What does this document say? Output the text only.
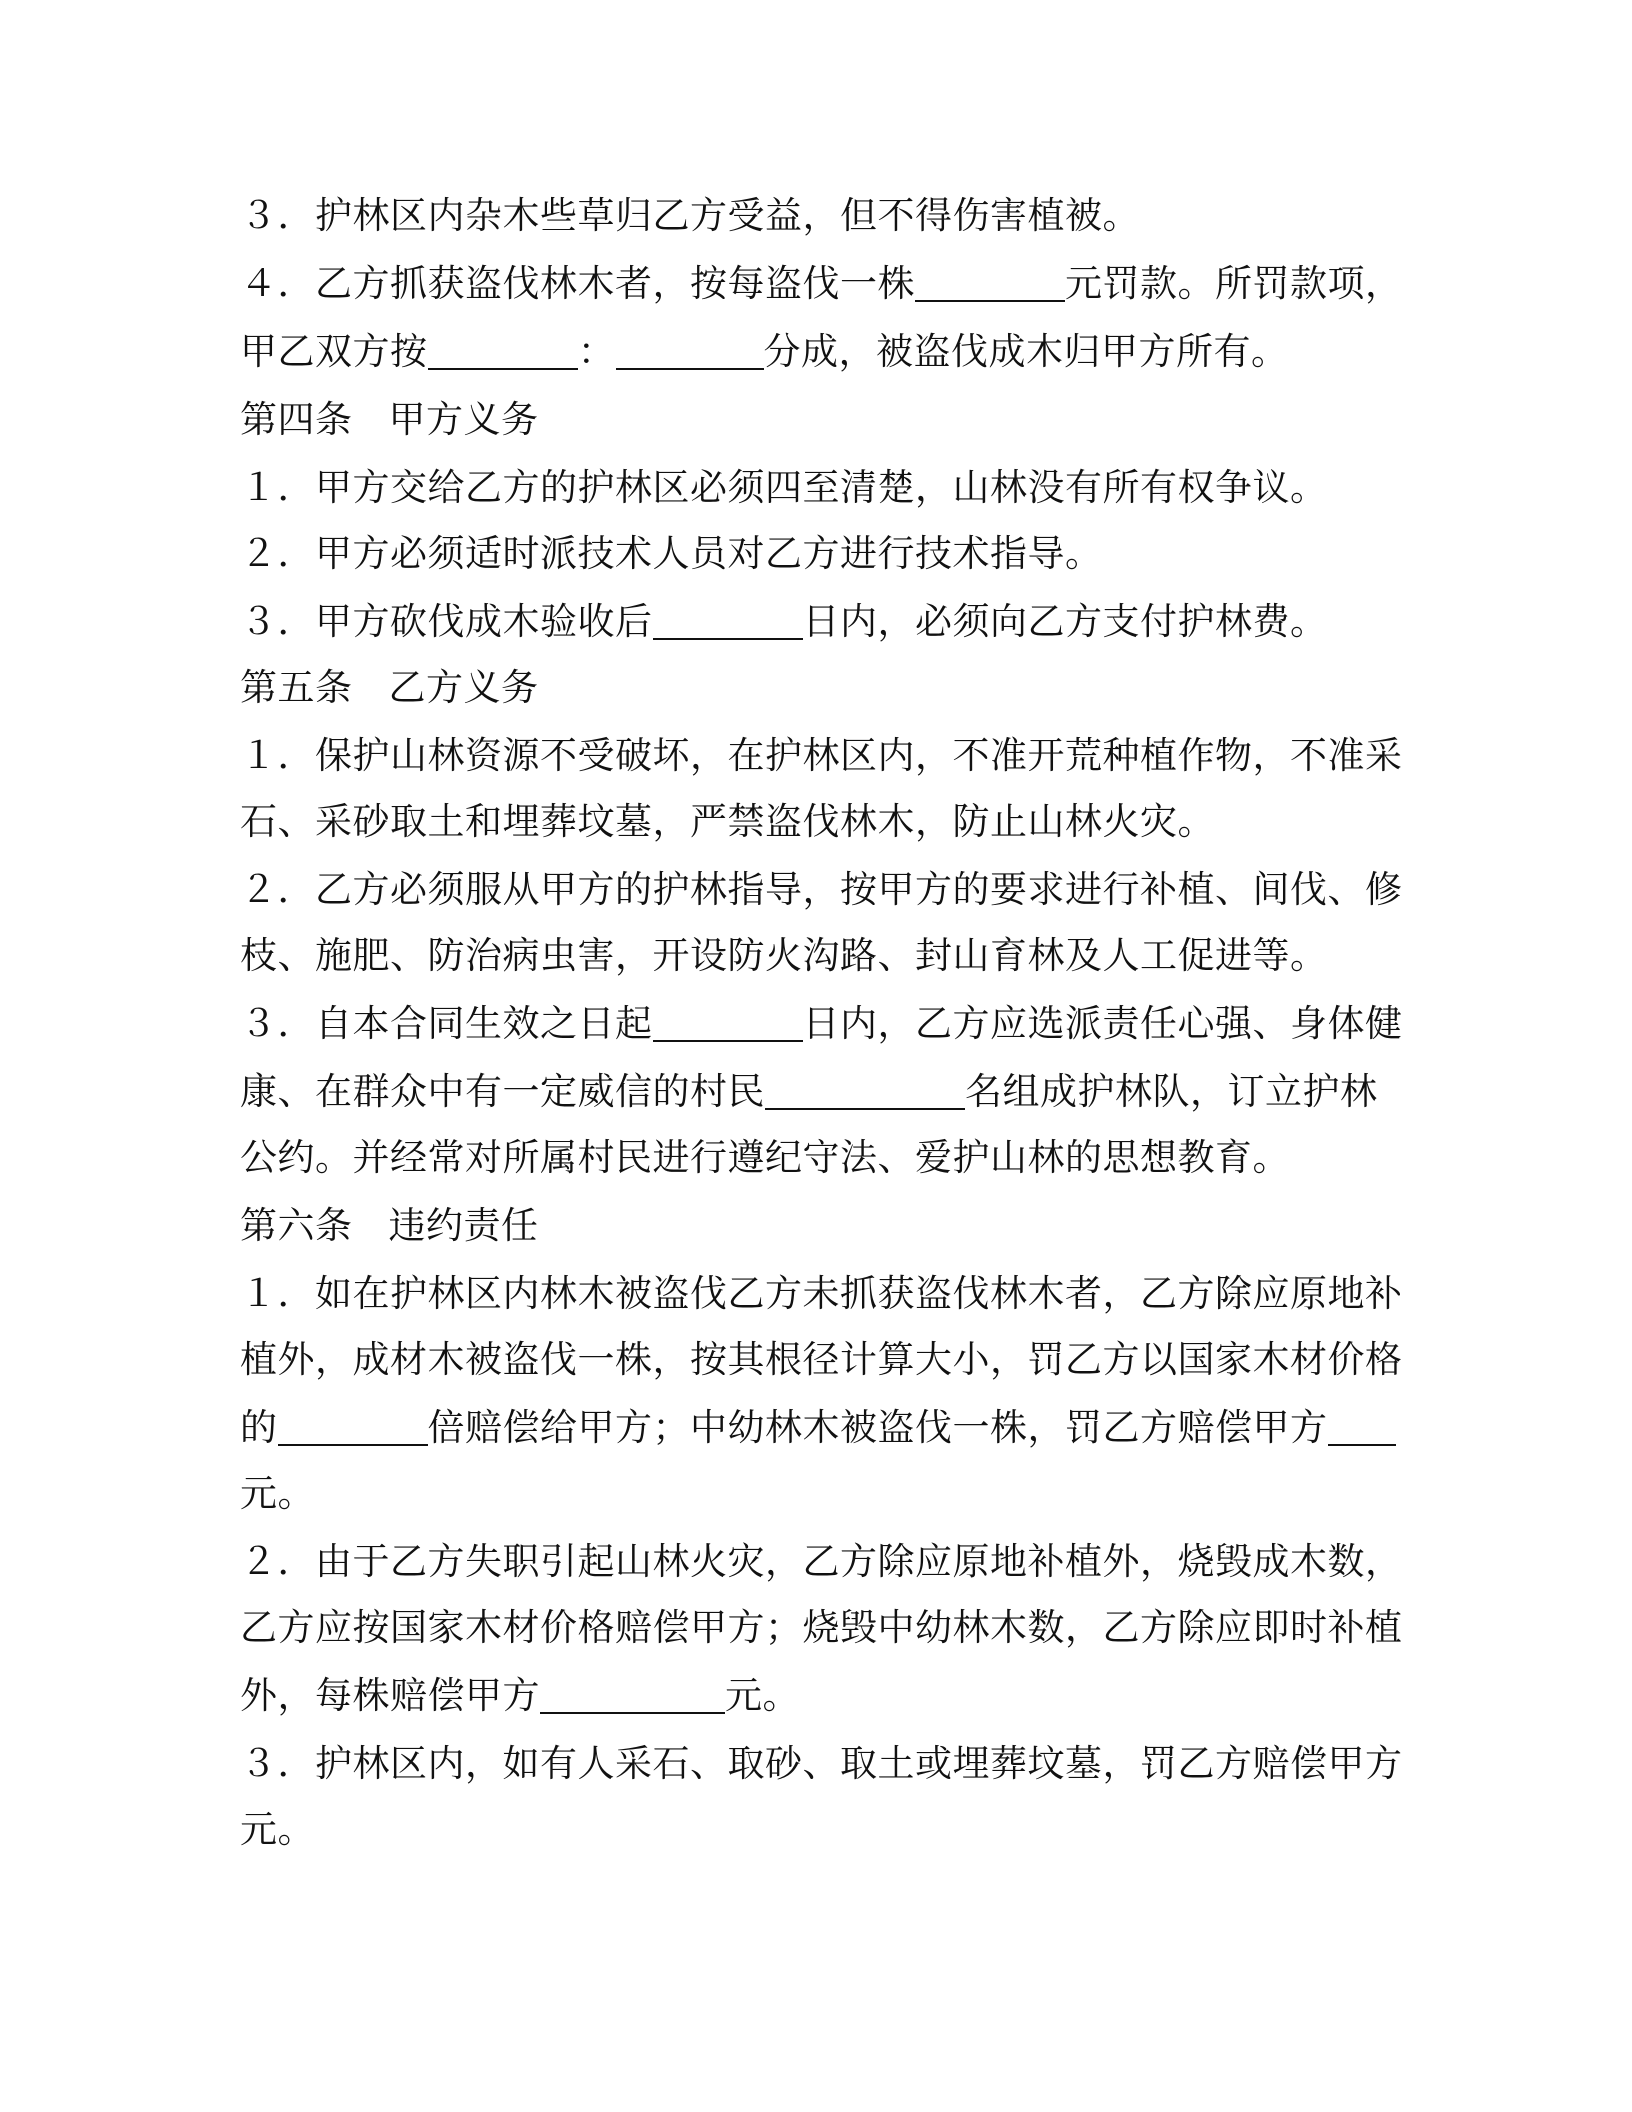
３．护林区内杂木些草归乙方受益，但不得伤害植被。
４．乙方抓获盗伐林木者，按每盗伐一株	元罚款。所罚款项，
甲乙双方按	：	分成，被盗伐成木归甲方所有。
第四条 甲方义务
１．甲方交给乙方的护林区必须四至清楚，山林没有所有权争议。
２．甲方必须适时派技术人员对乙方进行技术指导。
３．甲方砍伐成木验收后	日内，必须向乙方支付护林费。
第五条 乙方义务
１．保护山林资源不受破坏，在护林区内，不准开荒种植作物，不准采
石、采砂取土和埋葬坟墓，严禁盗伐林木，防止山林火灾。
２．乙方必须服从甲方的护林指导，按甲方的要求进行补植、间伐、修
枝、施肥、防治病虫害，开设防火沟路、封山育林及人工促进等。
３．自本合同生效之日起	日内，乙方应选派责任心强、身体健
康、在群众中有一定威信的村民	名组成护林队，订立护林
公约。并经常对所属村民进行遵纪守法、爱护山林的思想教育。
第六条 违约责任
１．如在护林区内林木被盗伐乙方未抓获盗伐林木者，乙方除应原地补
植外，成材木被盗伐一株，按其根径计算大小，罚乙方以国家木材价格
的	倍赔偿给甲方；中幼林木被盗伐一株，罚乙方赔偿甲方
元。
２．由于乙方失职引起山林火灾，乙方除应原地补植外，烧毁成木数，
乙方应按国家木材价格赔偿甲方；烧毁中幼林木数，乙方除应即时补植
外，每株赔偿甲方	元。
３．护林区内，如有人采石、取砂、取土或埋葬坟墓，罚乙方赔偿甲方
元。
